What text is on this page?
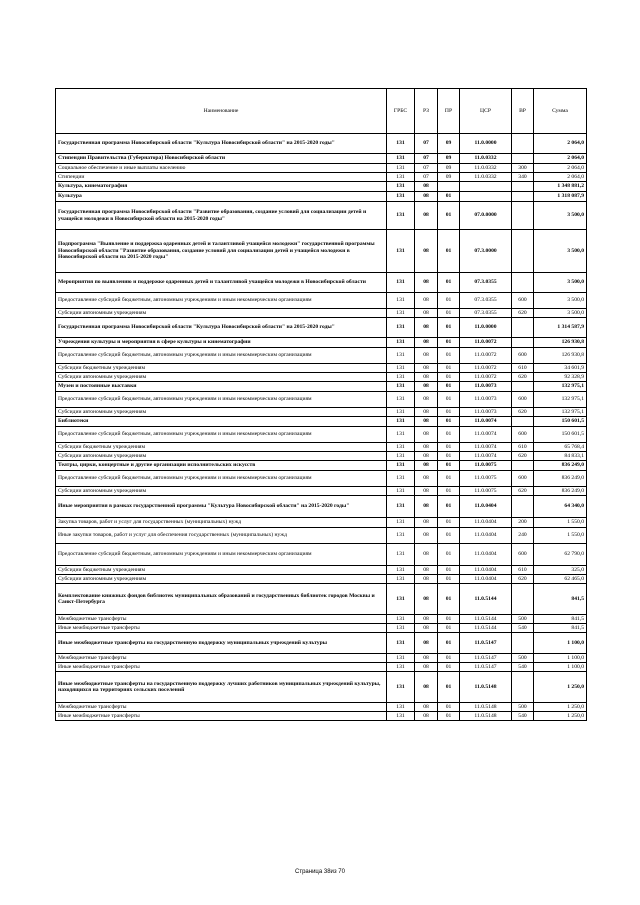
Наименование	ГРБС	РЗ	ПР	ЦСР	ВР	Сумма
Государственная программа Новосибирской области "Культура Новосибирской области" на 2015-2020 годы"	131	07	09	11.0.0000		2 064,0
Стипендии Правительства (Губернатора) Новосибирской области	131	07	09	11.0.0332		2 064,0
Социальное обеспечение и иные выплаты населению	131	07	09	11.0.0332	300	2 064,0
Стипендии	131	07	09	11.0.0332	340	2 064,0
Культура, кинематография	131	08				1 348 881,2
Культура	131	08	01			1 318 087,9
Государственная программа Новосибирской области "Развитие образования, создание условий для социализации детей и учащейся молодежи в Новосибирской области на 2015-2020 годы"	131	08	01	07.0.0000		3 500,0
Подпрограмма "Выявление и поддержка одаренных детей и талантливой учащейся молодежи" государственной программы Новосибирской области "Развитие образования, создание условий для социализации детей и учащейся молодежи в Новосибирской области на 2015-2020 годы"	131	08	01	07.3.0000		3 500,0
Мероприятия по выявлению и поддержке одаренных детей и талантливой учащейся молодежи в Новосибирской области	131	08	01	07.3.0355		3 500,0
Предоставление субсидий бюджетным, автономным учреждениям и иным некоммерческим организациям	131	08	01	07.3.0355	600	3 500,0
Субсидии автономным учреждениям	131	08	01	07.3.0355	620	3 500,0
Государственная программа Новосибирской области "Культура Новосибирской области" на 2015-2020 годы"	131	08	01	11.0.0000		1 314 587,9
Учреждения культуры и мероприятия в сфере культуры и кинематографии	131	08	01	11.0.0072		126 930,8
Предоставление субсидий бюджетным, автономным учреждениям и иным некоммерческим организациям	131	08	01	11.0.0072	600	126 930,8
Субсидии бюджетным учреждениям	131	08	01	11.0.0072	610	34 601,9
Субсидии автономным учреждениям	131	08	01	11.0.0072	620	92 328,9
Музеи и постоянные выставки	131	08	01	11.0.0073		132 975,1
Предоставление субсидий бюджетным, автономным учреждениям и иным некоммерческим организациям	131	08	01	11.0.0073	600	132 975,1
Субсидии автономным учреждениям	131	08	01	11.0.0073	620	132 975,1
Библиотеки	131	08	01	11.0.0074		150 601,5
Предоставление субсидий бюджетным, автономным учреждениям и иным некоммерческим организациям	131	08	01	11.0.0074	600	150 601,5
Субсидии бюджетным учреждениям	131	08	01	11.0.0074	610	65 768,4
Субсидии автономным учреждениям	131	08	01	11.0.0074	620	84 833,1
Театры, цирки, концертные и другие организации исполнительских искусств	131	08	01	11.0.0075		836 249,0
Предоставление субсидий бюджетным, автономным учреждениям и иным некоммерческим организациям	131	08	01	11.0.0075	600	836 249,0
Субсидии автономным учреждениям	131	08	01	11.0.0075	620	836 249,0
Иные мероприятия в рамках государственной программы "Культура Новосибирской области" на 2015-2020 годы"	131	08	01	11.0.0404		64 340,0
Закупка товаров, работ и услуг для государственных (муниципальных) нужд	131	08	01	11.0.0404	200	1 550,0
Иные закупки товаров, работ и услуг для обеспечения государственных (муниципальных) нужд	131	08	01	11.0.0404	240	1 550,0
Предоставление субсидий бюджетным, автономным учреждениям и иным некоммерческим организациям	131	08	01	11.0.0404	600	62 790,0
Субсидии бюджетным учреждениям	131	08	01	11.0.0404	610	325,0
Субсидии автономным учреждениям	131	08	01	11.0.0404	620	62 465,0
Комплектование книжных фондов библиотек муниципальных образований и государственных библиотек городов Москвы и Санкт-Петербурга	131	08	01	11.0.5144		841,5
Межбюджетные трансферты	131	08	01	11.0.5144	500	841,5
Иные межбюджетные трансферты	131	08	01	11.0.5144	540	841,5
Иные межбюджетные трансферты на государственную поддержку муниципальных учреждений культуры	131	08	01	11.0.5147		1 100,0
Межбюджетные трансферты	131	08	01	11.0.5147	500	1 100,0
Иные межбюджетные трансферты	131	08	01	11.0.5147	540	1 100,0
Иные межбюджетные трансферты на государственную поддержку лучших работников муниципальных учреждений культуры, находящихся на территориях сельских поселений	131	08	01	11.0.5148		1 250,0
Межбюджетные трансферты	131	08	01	11.0.5148	500	1 250,0
Иные межбюджетные трансферты	131	08	01	11.0.5148	540	1 250,0
Страница 38из 70
